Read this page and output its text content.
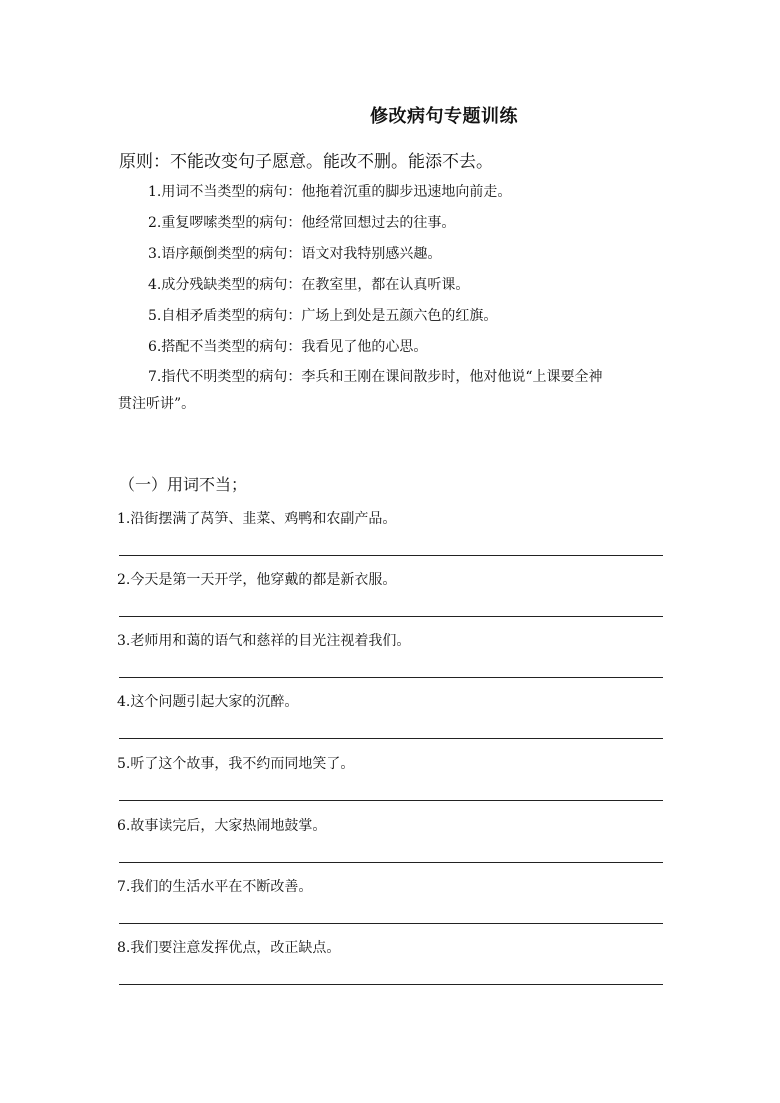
修改病句专题训练
原则：不能改变句子愿意。能改不删。能添不去。
1.用词不当类型的病句：他拖着沉重的脚步迅速地向前走。
2.重复啰嗦类型的病句：他经常回想过去的往事。
3.语序颠倒类型的病句：语文对我特别感兴趣。
4.成分残缺类型的病句：在教室里，都在认真听课。
5.自相矛盾类型的病句：广场上到处是五颜六色的红旗。
6.搭配不当类型的病句：我看见了他的心思。
7.指代不明类型的病句：李兵和王刚在课间散步时，他对他说“上课要全神
贯注听讲”。
（一）用词不当；
1.沿街摆满了莴笋、韭菜、鸡鸭和农副产品。
2.今天是第一天开学，他穿戴的都是新衣服。
3.老师用和蔼的语气和慈祥的目光注视着我们。
4.这个问题引起大家的沉醉。
5.听了这个故事，我不约而同地笑了。
6.故事读完后，大家热闹地鼓掌。
7.我们的生活水平在不断改善。
8.我们要注意发挥优点，改正缺点。
